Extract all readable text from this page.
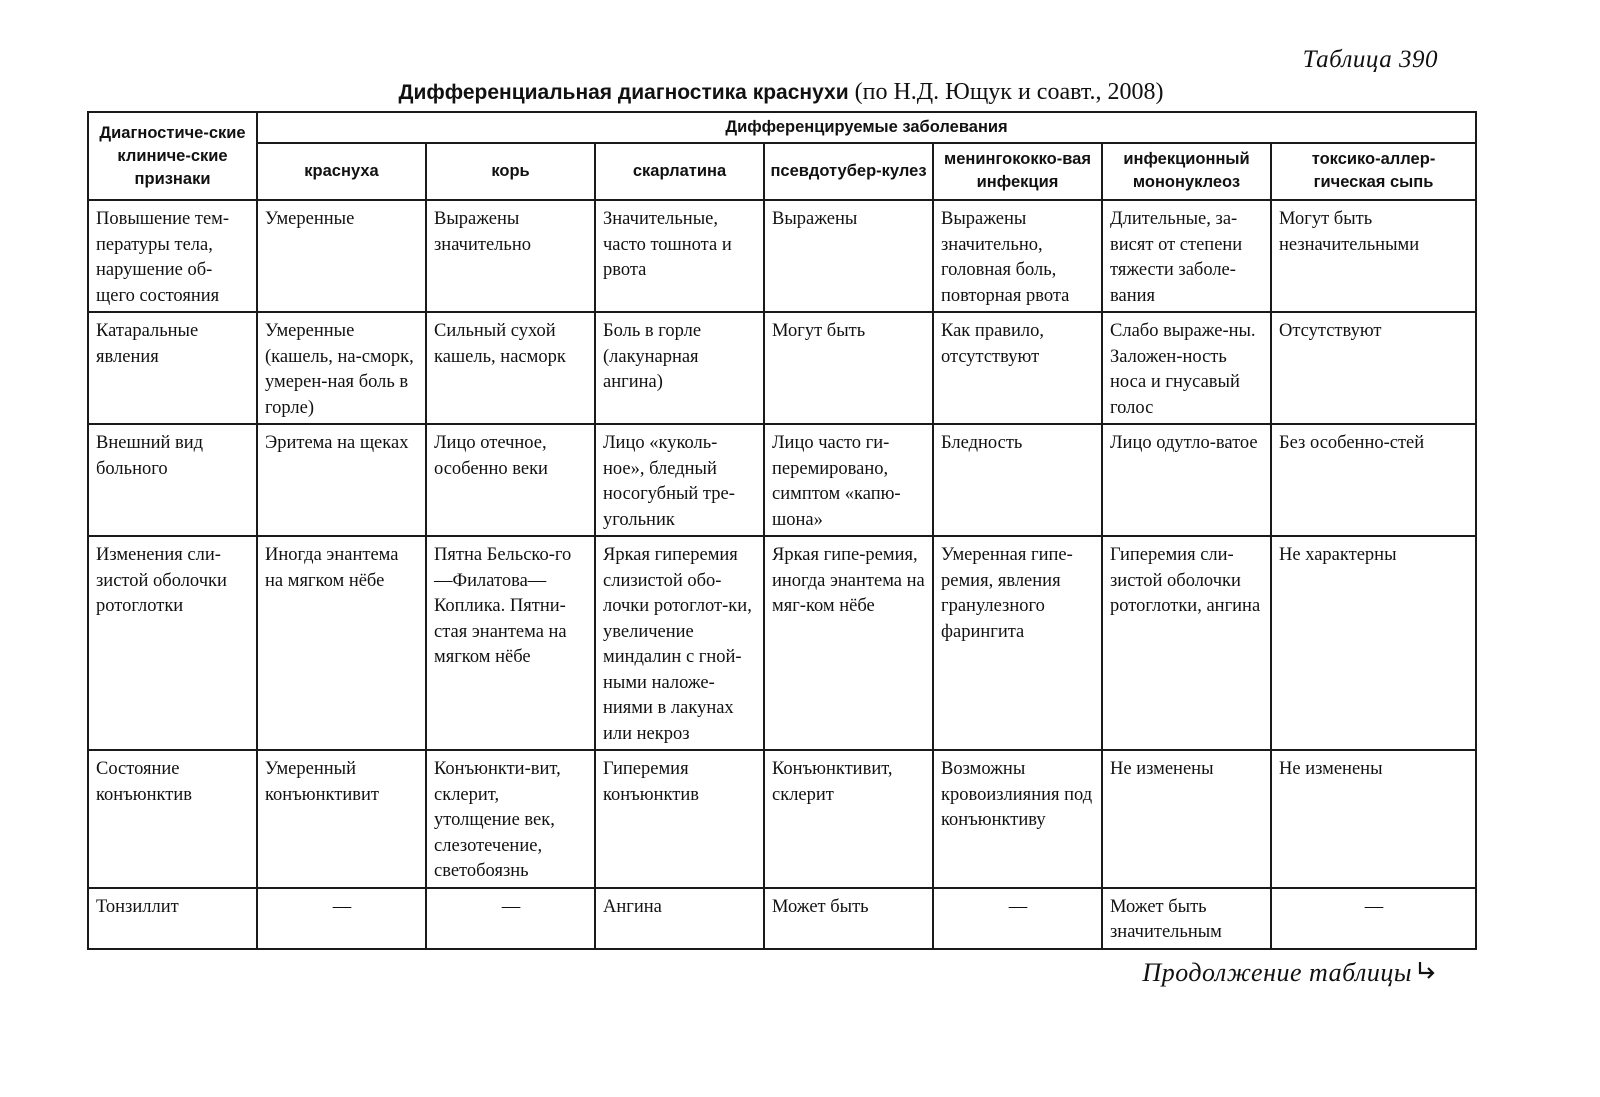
Таблица 390
Дифференциальная диагностика краснухи (по Н.Д. Ющук и соавт., 2008)
Диагностиче-ские клиниче-ские признаки	Дифференцируемые заболевания						
	краснуха	корь	скарлатина	псевдотубер-кулез	менингококко-вая инфекция	инфекционный мононуклеоз	токсико-аллер-гическая сыпь
Повышение тем-пературы тела, нарушение об-щего состояния	Умеренные	Выражены значительно	Значительные, часто тошнота и рвота	Выражены	Выражены значительно, головная боль, повторная рвота	Длительные, за-висят от степени тяжести заболе-вания	Могут быть незначительными
Катаральные явления	Умеренные (кашель, на-сморк, умерен-ная боль в горле)	Сильный сухой кашель, насморк	Боль в горле (лакунарная ангина)	Могут быть	Как правило, отсутствуют	Слабо выраже-ны. Заложен-ность носа и гнусавый голос	Отсутствуют
Внешний вид больного	Эритема на щеках	Лицо отечное, особенно веки	Лицо «куколь-ное», бледный носогубный тре-угольник	Лицо часто ги-перемировано, симптом «капю-шона»	Бледность	Лицо одутло-ватое	Без особенно-стей
Изменения сли-зистой оболочки ротоглотки	Иногда энантема на мягком нёбе	Пятна Бельско-го—Филатова—Коплика. Пятни-стая энантема на мягком нёбе	Яркая гиперемия слизистой обо-лочки ротоглот-ки, увеличение миндалин с гной-ными наложе-ниями в лакунах или некроз	Яркая гипе-ремия, иногда энантема на мяг-ком нёбе	Умеренная гипе-ремия, явления гранулезного фарингита	Гиперемия сли-зистой оболочки ротоглотки, ангина	Не характерны
Состояние конъюнктив	Умеренный конъюнктивит	Конъюнкти-вит, склерит, утолщение век, слезотечение, светобоязнь	Гиперемия конъюнктив	Конъюнктивит, склерит	Возможны кровоизлияния под конъюнктиву	Не изменены	Не изменены
Тонзиллит	—	—	Ангина	Может быть	—	Может быть значительным	—
Продолжение таблицы
